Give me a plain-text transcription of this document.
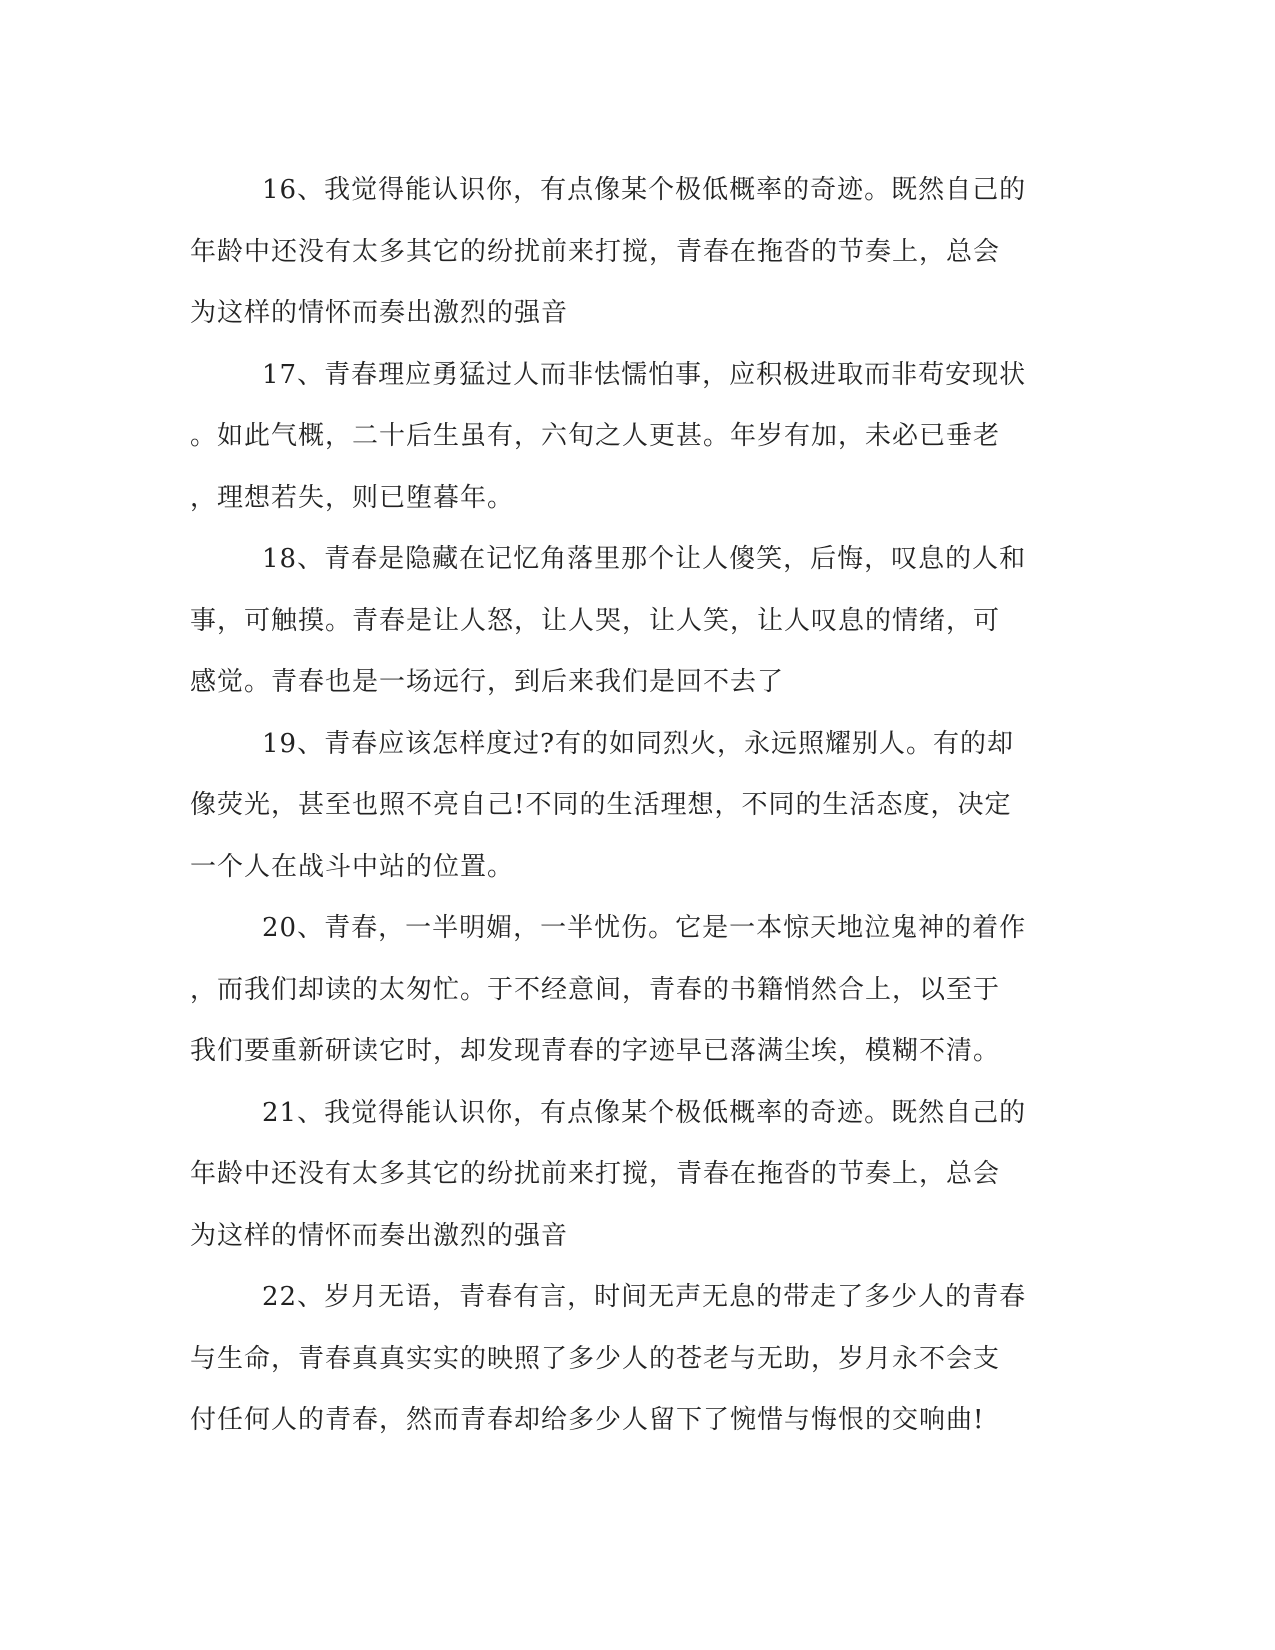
16、我觉得能认识你，有点像某个极低概率的奇迹。既然自己的
年龄中还没有太多其它的纷扰前来打搅，青春在拖沓的节奏上，总会
为这样的情怀而奏出激烈的强音

17、青春理应勇猛过人而非怯懦怕事，应积极进取而非苟安现状
。如此气概，二十后生虽有，六旬之人更甚。年岁有加，未必已垂老
，理想若失，则已堕暮年。

18、青春是隐藏在记忆角落里那个让人傻笑，后悔，叹息的人和
事，可触摸。青春是让人怒，让人哭，让人笑，让人叹息的情绪，可
感觉。青春也是一场远行，到后来我们是回不去了

19、青春应该怎样度过?有的如同烈火，永远照耀别人。有的却
像荧光，甚至也照不亮自己!不同的生活理想，不同的生活态度，决定
一个人在战斗中站的位置。

20、青春，一半明媚，一半忧伤。它是一本惊天地泣鬼神的着作
，而我们却读的太匆忙。于不经意间，青春的书籍悄然合上，以至于
我们要重新研读它时，却发现青春的字迹早已落满尘埃，模糊不清。

21、我觉得能认识你，有点像某个极低概率的奇迹。既然自己的
年龄中还没有太多其它的纷扰前来打搅，青春在拖沓的节奏上，总会
为这样的情怀而奏出激烈的强音

22、岁月无语，青春有言，时间无声无息的带走了多少人的青春
与生命，青春真真实实的映照了多少人的苍老与无助，岁月永不会支
付任何人的青春，然而青春却给多少人留下了惋惜与悔恨的交响曲!
